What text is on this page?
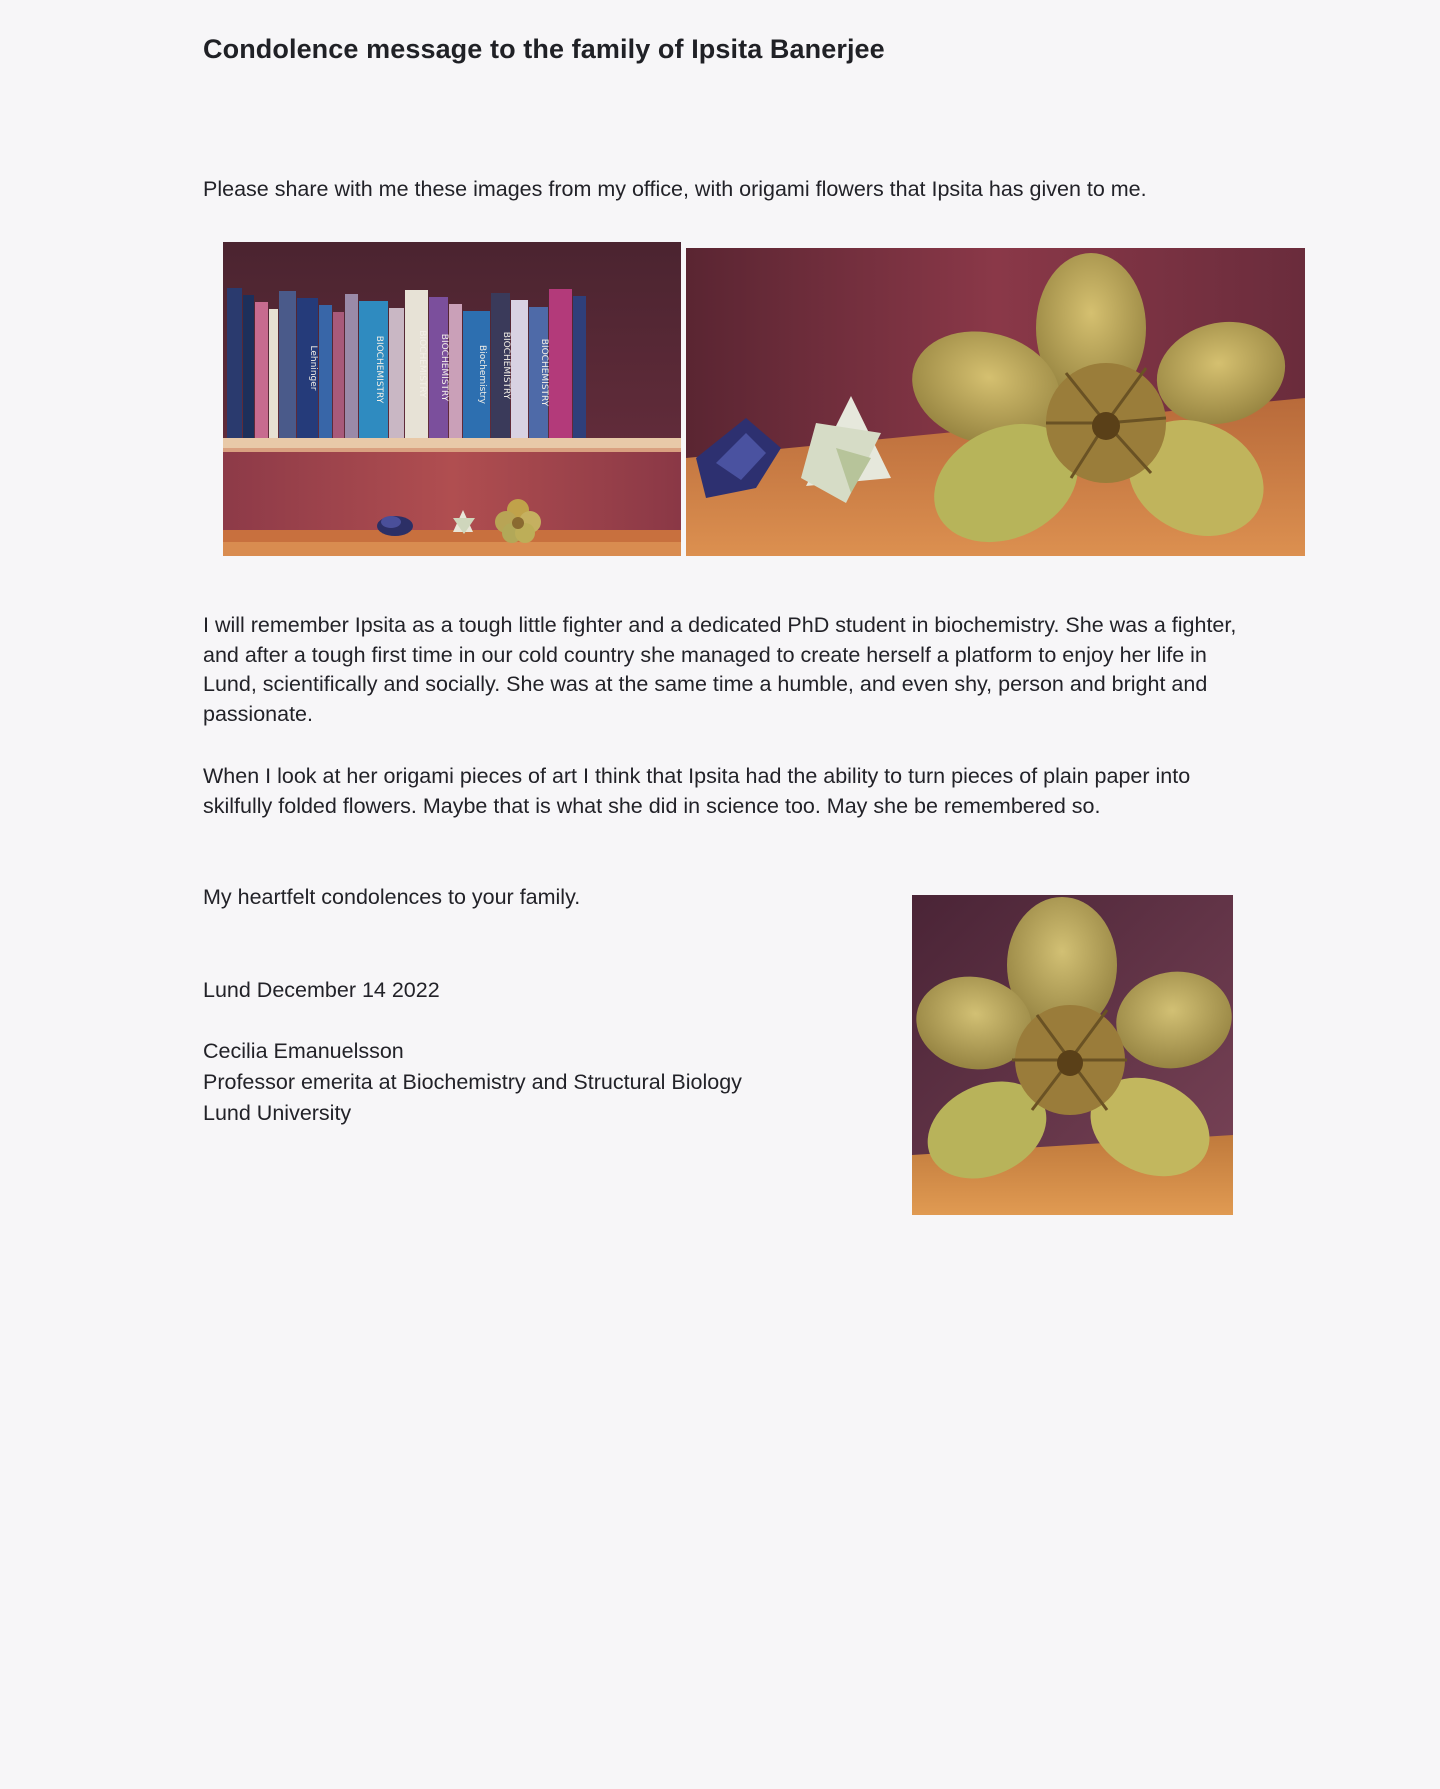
Condolence message to the family of Ipsita Banerjee

Please share with me these images from my office, with origami flowers that Ipsita has given to me.

Lehninger	BIOCHEMISTRY	BIOCHEMISTRY BIOCHEMISTRY	Biochemistry BIOCHEMISTRY	BIOCHEMISTRY

I will remember Ipsita as a tough little fighter and a dedicated PhD student in biochemistry. She was a fighter, and after a tough first time in our cold country she managed to create herself a platform to enjoy her life in Lund, scientifically and socially. She was at the same time a humble, and even shy, person and bright and passionate.

When I look at her origami pieces of art I think that Ipsita had the ability to turn pieces of plain paper into skilfully folded flowers. Maybe that is what she did in science too. May she be remembered so.

My heartfelt condolences to your family.

Lund December 14 2022

Cecilia Emanuelsson
Professor emerita at Biochemistry and Structural Biology
Lund University
